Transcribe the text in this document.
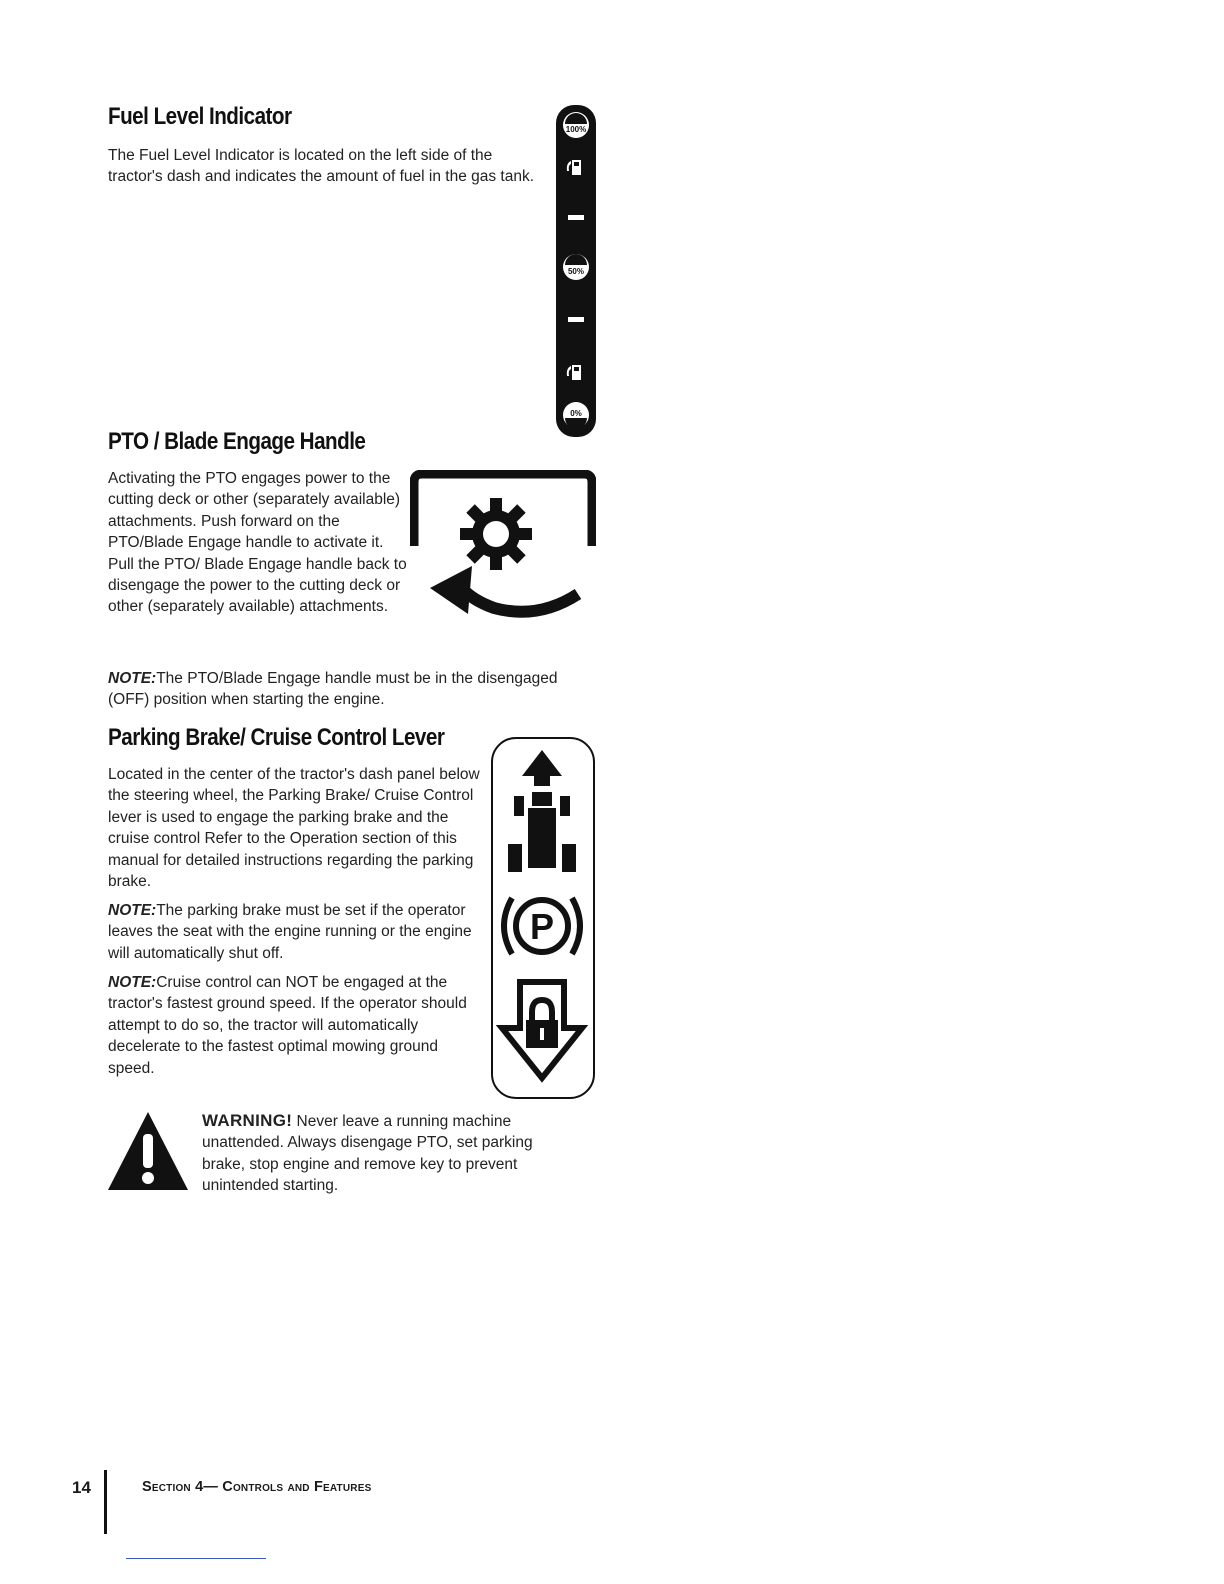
Fuel Level Indicator

The Fuel Level Indicator is located on the left side of the tractor's dash and indicates the amount of fuel in the gas tank.

100%
50%
0%
PTO / Blade Engage Handle

Activating the PTO engages power to the cutting deck or other (separately available) attachments. Push forward on the PTO/Blade Engage handle to activate it. Pull the PTO/ Blade Engage handle back to disengage the power to the cutting deck or other (separately available) attachments.

NOTE:The PTO/Blade Engage handle must be in the disengaged (OFF) position when starting the engine.

Parking Brake/ Cruise Control Lever

Located in the center of the tractor's dash panel below the steering wheel, the Parking Brake/ Cruise Control lever is used to engage the parking brake and the cruise control Refer to the Operation section of this manual for detailed instructions regarding the parking brake.

NOTE:The parking brake must be set if the operator leaves the seat with the engine running or the engine will automatically shut off.

NOTE:Cruise control can NOT be engaged at the tractor's fastest ground speed. If the operator should attempt to do so, the tractor will automatically decelerate to the fastest optimal mowing ground speed.

P

WARNING! Never leave a running machine unattended. Always disengage PTO, set parking brake, stop engine and remove key to prevent unintended starting.

14	Section 4— Controls and Features
